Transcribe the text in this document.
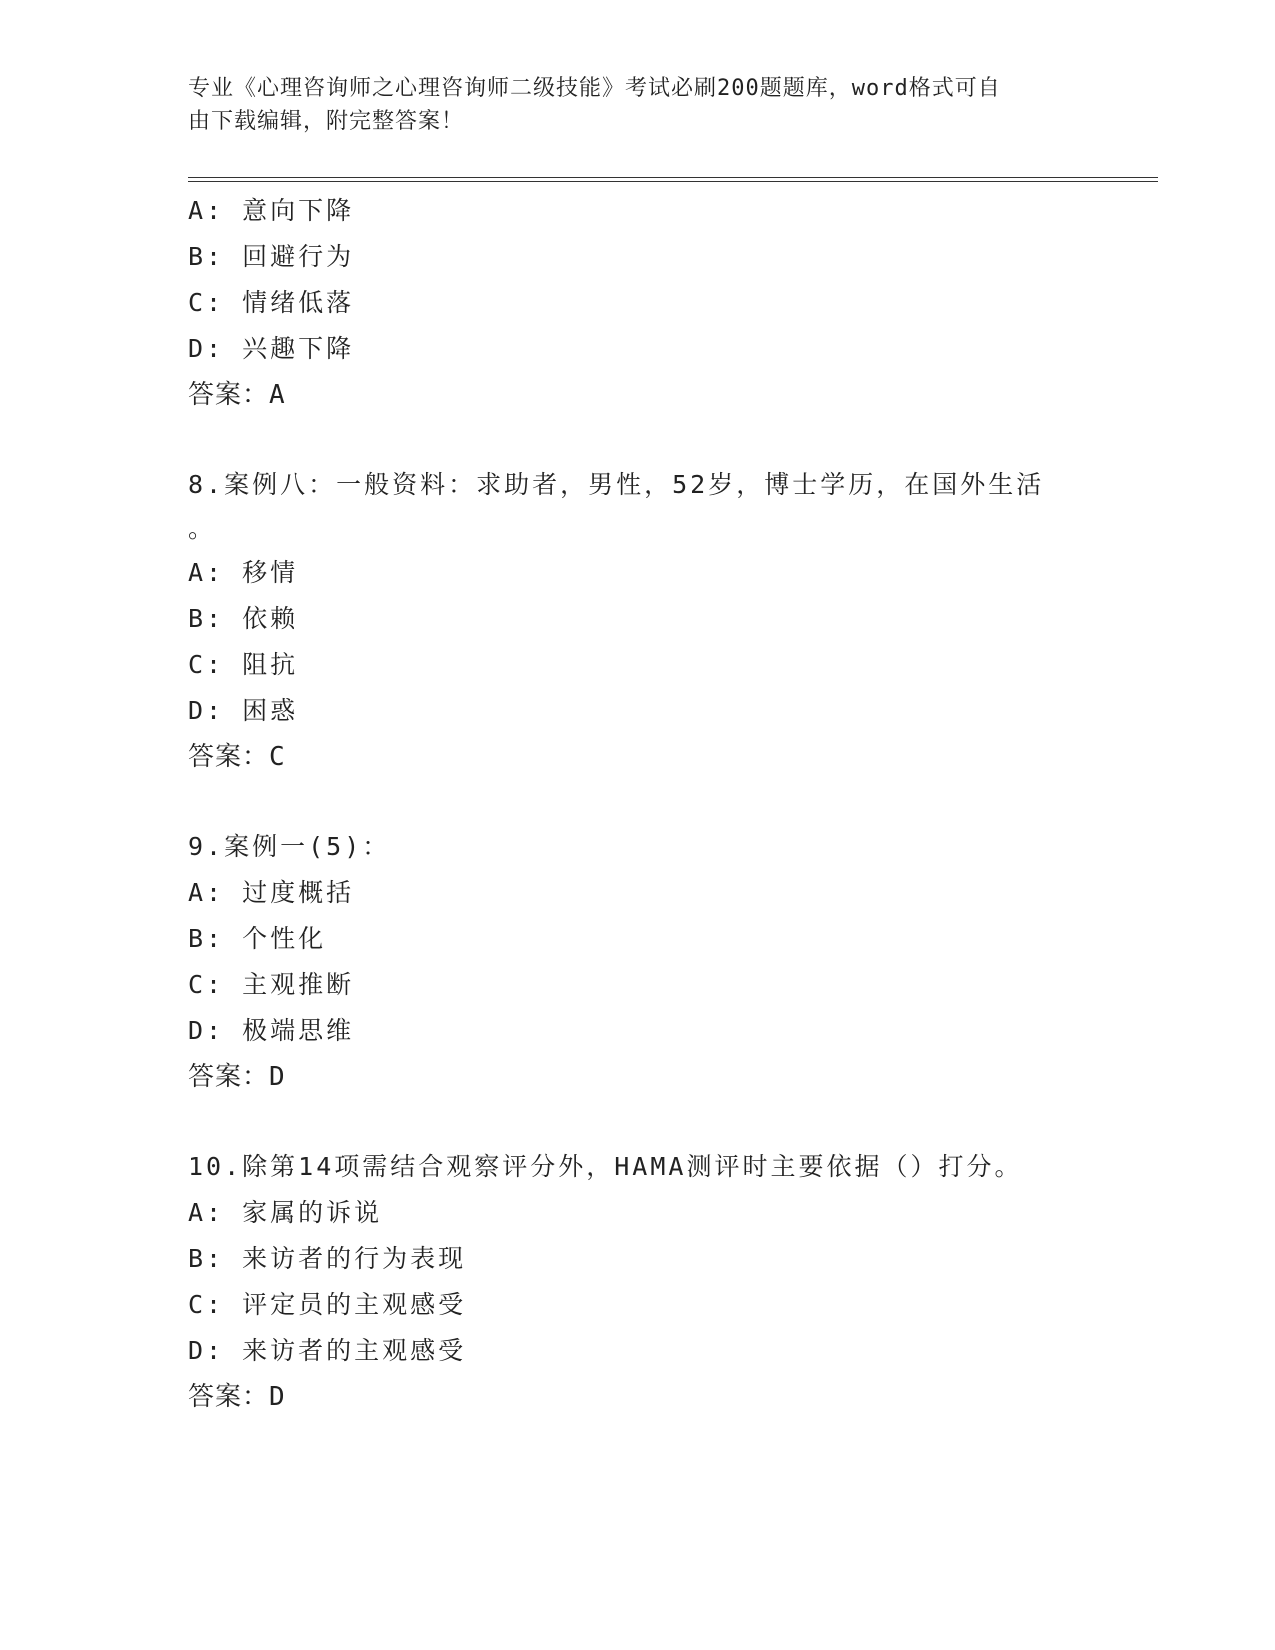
专业《心理咨询师之心理咨询师二级技能》考试必刷200题题库，word格式可自
由下载编辑，附完整答案！
A: 意向下降
B: 回避行为
C: 情绪低落
D: 兴趣下降
答案：A
8.案例八：一般资料：求助者，男性，52岁，博士学历，在国外生活
。
A: 移情
B: 依赖
C: 阻抗
D: 困惑
答案：C
9.案例一(5)：
A: 过度概括
B: 个性化
C: 主观推断
D: 极端思维
答案：D
10.除第14项需结合观察评分外，HAMA测评时主要依据（）打分。
A: 家属的诉说
B: 来访者的行为表现
C: 评定员的主观感受
D: 来访者的主观感受
答案：D
